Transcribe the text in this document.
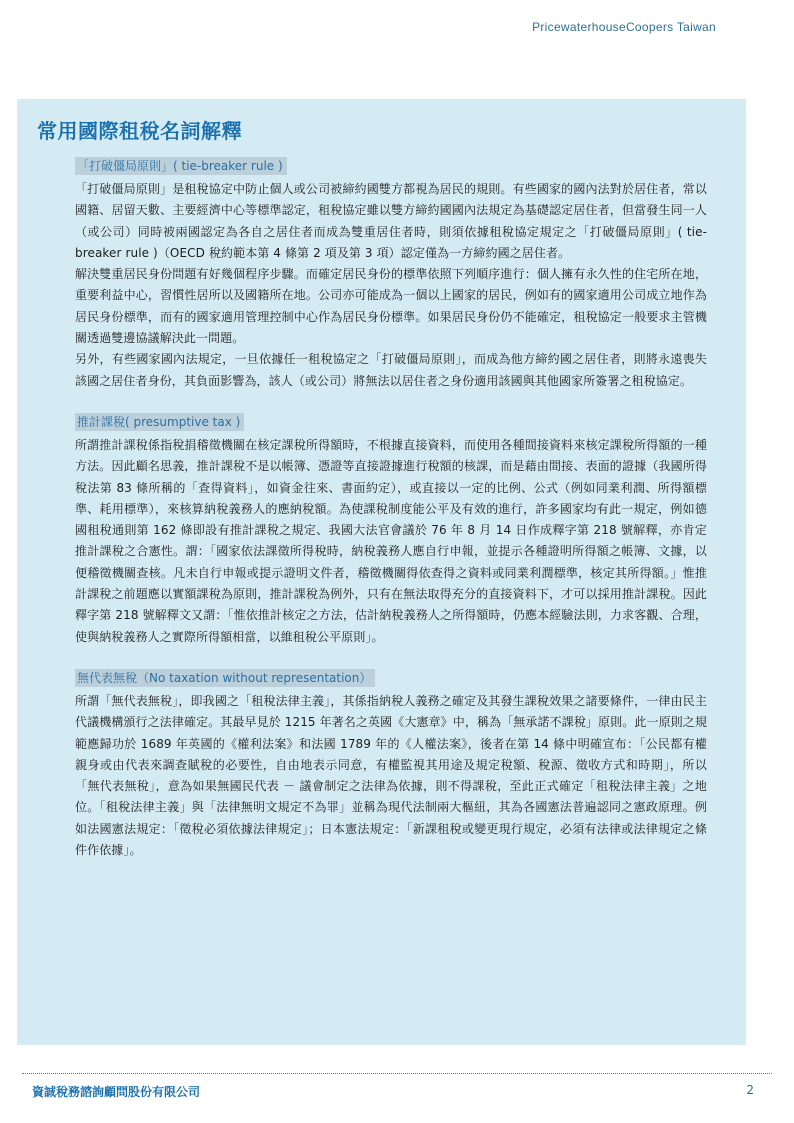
PricewaterhouseCoopers Taiwan
常用國際租稅名詞解釋
「打破僵局原則」( tie-breaker rule )

「打破僵局原則」是租稅協定中防止個人或公司被締約國雙方都視為居民的規則。有些國家的國內法對於居住者，常以國籍、居留天數、主要經濟中心等標準認定，租稅協定雖以雙方締約國國內法規定為基礎認定居住者，但當發生同一人（或公司）同時被兩國認定為各自之居住者而成為雙重居住者時，則須依據租稅協定規定之「打破僵局原則」( tie-breaker rule )（OECD 稅約範本第 4 條第 2 項及第 3 項）認定僅為一方締約國之居住者。

解決雙重居民身份問題有好幾個程序步驟。而確定居民身份的標準依照下列順序進行：個人擁有永久性的住宅所在地，重要利益中心，習慣性居所以及國籍所在地。公司亦可能成為一個以上國家的居民，例如有的國家適用公司成立地作為居民身份標準，而有的國家適用管理控制中心作為居民身份標準。如果居民身份仍不能確定，租稅協定一般要求主管機關透過雙邊協議解決此一問題。

另外，有些國家國內法規定，一旦依據任一租稅協定之「打破僵局原則」，而成為他方締約國之居住者，則將永遠喪失該國之居住者身份，其負面影響為，該人（或公司）將無法以居住者之身份適用該國與其他國家所簽署之租稅協定。

推計課稅( presumptive tax )

所謂推計課稅係指稅捐稽徵機關在核定課稅所得額時，不根據直接資料，而使用各種間接資料來核定課稅所得額的一種方法。因此顧名思義，推計課稅不是以帳簿、憑證等直接證據進行稅額的核課，而是藉由間接、表面的證據（我國所得稅法第 83 條所稱的「查得資料」，如資金往來、書面約定），或直接以一定的比例、公式（例如同業利潤、所得額標準、耗用標準），來核算納稅義務人的應納稅額。為使課稅制度能公平及有效的進行，許多國家均有此一規定，例如德國租稅通則第 162 條即設有推計課稅之規定、我國大法官會議於 76 年 8 月 14 日作成釋字第 218 號解釋，亦肯定推計課稅之合憲性。謂：「國家依法課徵所得稅時，納稅義務人應自行申報，並提示各種證明所得額之帳簿、文據，以便稽徵機關查核。凡未自行申報或提示證明文件者，稽徵機關得依查得之資料或同業利潤標準，核定其所得額。」惟推計課稅之前題應以實額課稅為原則，推計課稅為例外，只有在無法取得充分的直接資料下，才可以採用推計課稅。因此釋字第 218 號解釋文又謂：「惟依推計核定之方法，估計納稅義務人之所得額時，仍應本經驗法則，力求客觀、合理，使與納稅義務人之實際所得額相當，以維租稅公平原則」。

無代表無稅（No taxation without representation）

所謂「無代表無稅」，即我國之「租稅法律主義」，其係指納稅人義務之確定及其發生課稅效果之諸要條件，一律由民主代議機構頒行之法律確定。其最早見於 1215 年著名之英國《大憲章》中，稱為「無承諾不課稅」原則。此一原則之規範應歸功於 1689 年英國的《權利法案》和法國 1789 年的《人權法案》，後者在第 14 條中明確宣布：「公民都有權親身或由代表來調查賦稅的必要性，自由地表示同意，有權監視其用途及規定稅額、稅源、徵收方式和時期」，所以「無代表無稅」，意為如果無國民代表 － 議會制定之法律為依據，則不得課稅，至此正式確定「租稅法律主義」之地位。「租稅法律主義」與「法律無明文規定不為罪」並稱為現代法制兩大樞紐，其為各國憲法普遍認同之憲政原理。例如法國憲法規定：「徵稅必須依據法律規定」；日本憲法規定：「新課租稅或變更現行規定，必須有法律或法律規定之條件作依據」。

資誠稅務諮詢顧問股份有限公司	2
